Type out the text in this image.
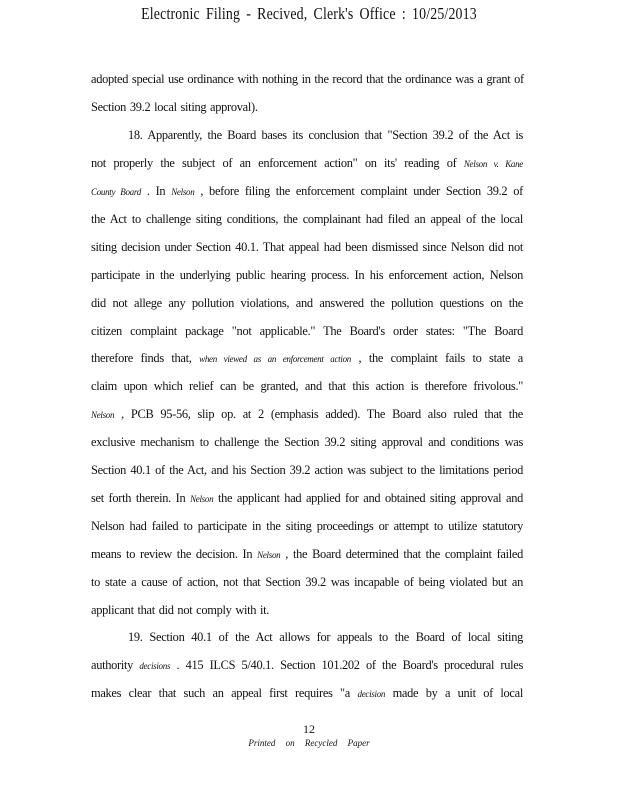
Electronic Filing - Recived, Clerk's Office : 10/25/2013
adopted special use ordinance with nothing in the record that the ordinance was a grant of
Section 39.2 local siting approval).
18. Apparently, the Board bases its conclusion that "Section 39.2 of the Act is
not properly the subject of an enforcement action" on its' reading of Nelson v. Kane
County Board . In Nelson , before filing the enforcement complaint under Section 39.2 of
the Act to challenge siting conditions, the complainant had filed an appeal of the local
siting decision under Section 40.1. That appeal had been dismissed since Nelson did not
participate in the underlying public hearing process. In his enforcement action, Nelson
did not allege any pollution violations, and answered the pollution questions on the
citizen complaint package "not applicable." The Board's order states: "The Board
therefore finds that, when viewed as an enforcement action , the complaint fails to state a
claim upon which relief can be granted, and that this action is therefore frivolous."
Nelson , PCB 95-56, slip op. at 2 (emphasis added). The Board also ruled that the
exclusive mechanism to challenge the Section 39.2 siting approval and conditions was
Section 40.1 of the Act, and his Section 39.2 action was subject to the limitations period
set forth therein. In Nelson the applicant had applied for and obtained siting approval and
Nelson had failed to participate in the siting proceedings or attempt to utilize statutory
means to review the decision. In Nelson , the Board determined that the complaint failed
to state a cause of action, not that Section 39.2 was incapable of being violated but an
applicant that did not comply with it.
19. Section 40.1 of the Act allows for appeals to the Board of local siting
authority decisions . 415 ILCS 5/40.1. Section 101.202 of the Board's procedural rules
makes clear that such an appeal first requires "a decision made by a unit of local
12
Printed on Recycled Paper
